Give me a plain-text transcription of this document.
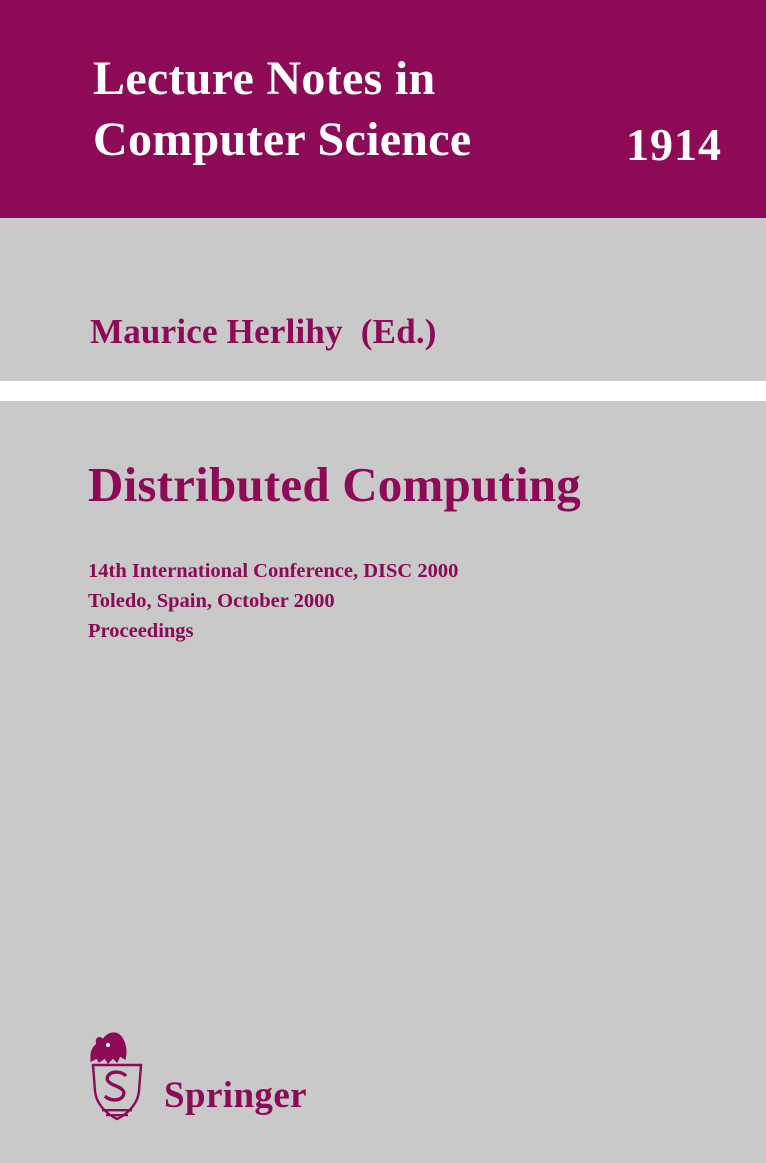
Lecture Notes in
Computer Science	1914
Maurice Herlihy (Ed.)
Distributed Computing
14th International Conference, DISC 2000
Toledo, Spain, October 2000
Proceedings
Springer
